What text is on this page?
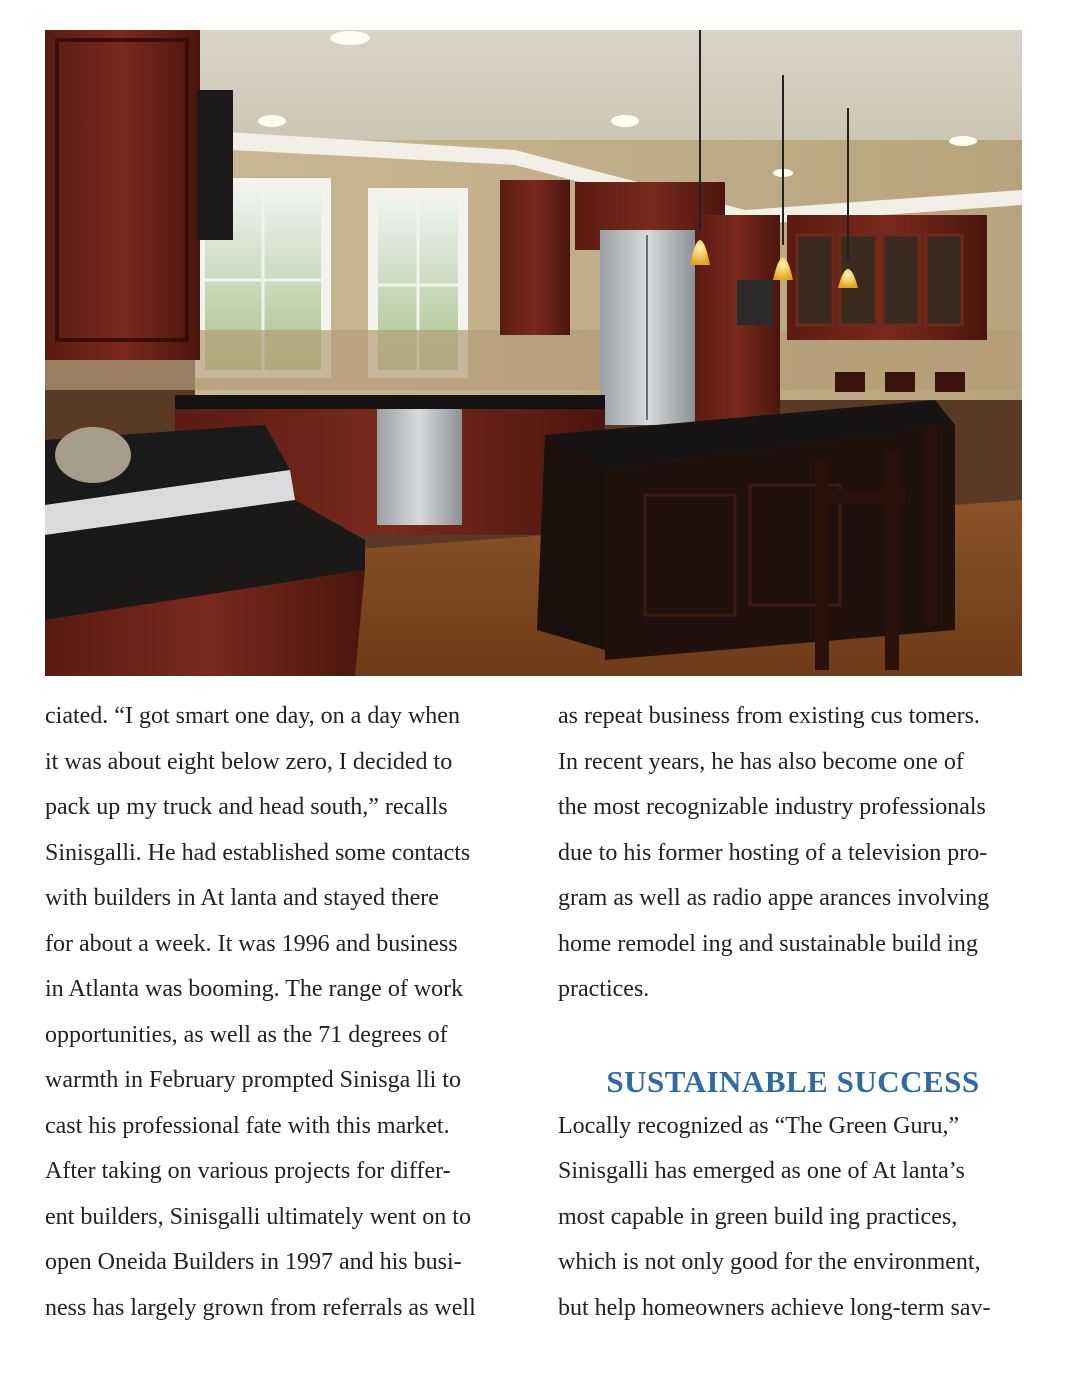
ciated. “I got smart one day, on a day when

it was about eight below zero, I decided to

pack up my truck and head south,” recalls

Sinisgalli. He had established some contacts

with builders in At lanta and stayed there

for about a week. It was 1996 and business

in Atlanta was booming. The range of work

opportunities, as well as the 71 degrees of

warmth in February prompted Sinisga lli to

cast his professional fate with this market.

After taking on various projects for differ-

ent builders, Sinisgalli ultimately went on to

open Oneida Builders in 1997 and his busi-

ness has largely grown from referrals as well

as repeat business from existing cus tomers.

In recent years, he has also become one of

the most recognizable industry professionals

due to his former hosting of a television pro-

gram as well as radio appe arances involving

home remodel ing and sustainable build ing

practices.

SUSTAINABLE SUCCESS

Locally recognized as “The Green Guru,”

Sinisgalli has emerged as one of At lanta’s

most capable in green build ing practices,

which is not only good for the environment,

but help homeowners achieve long-term sav-
